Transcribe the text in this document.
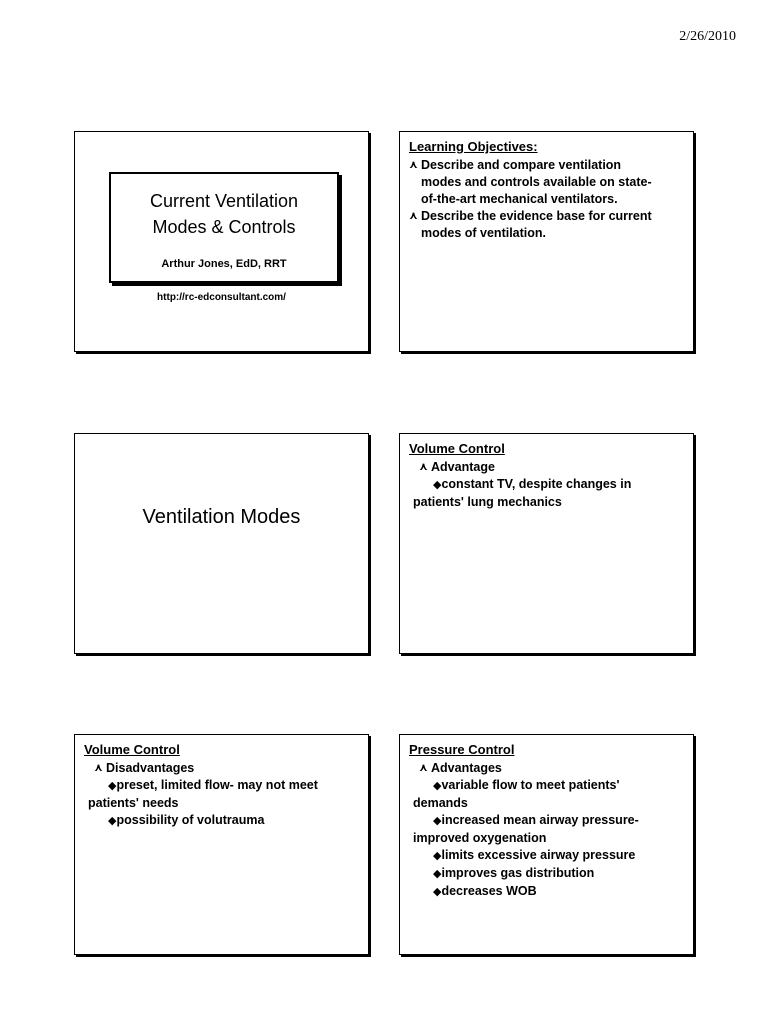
2/26/2010
Current Ventilation
Modes & Controls
Arthur Jones, EdD, RRT
http://rc-edconsultant.com/
Learning Objectives:
⋏ Describe and compare ventilation
modes and controls available on state-
of-the-art mechanical ventilators.
⋏ Describe the evidence base for current
modes of ventilation.
Ventilation Modes
Volume Control
⋏ Advantage
◆constant TV, despite changes in
patients' lung mechanics
Volume Control
⋏ Disadvantages
◆preset, limited flow- may not meet
patients' needs
◆possibility of volutrauma
Pressure Control
⋏ Advantages
◆variable flow to meet patients'
demands
◆increased mean airway pressure-
improved oxygenation
◆limits excessive airway pressure
◆improves gas distribution
◆decreases WOB
